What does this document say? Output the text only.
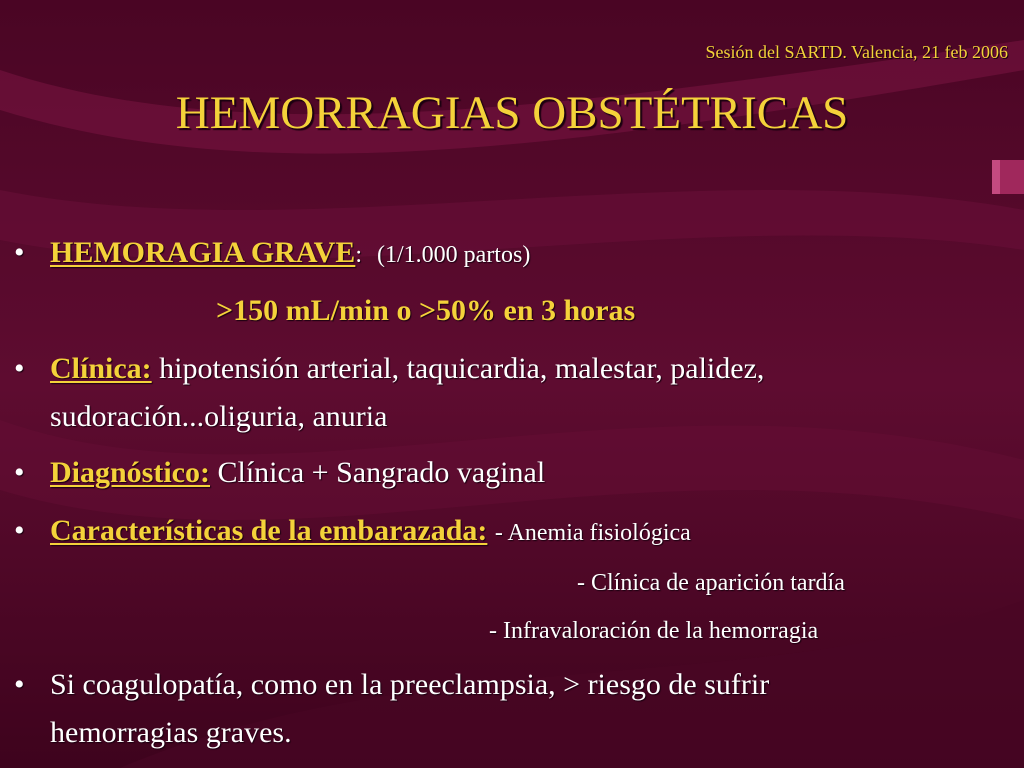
Sesión del SARTD. Valencia, 21 feb 2006
HEMORRAGIAS OBSTÉTRICAS
• HEMORAGIA GRAVE: (1/1.000 partos)
>150 mL/min o >50% en 3 horas
• Clínica: hipotensión arterial, taquicardia, malestar, palidez,
sudoración...oliguria, anuria
• Diagnóstico: Clínica + Sangrado vaginal
• Características de la embarazada: - Anemia fisiológica
- Clínica de aparición tardía
- Infravaloración de la hemorragia
• Si coagulopatía, como en la preeclampsia, > riesgo de sufrir
hemorragias graves.
